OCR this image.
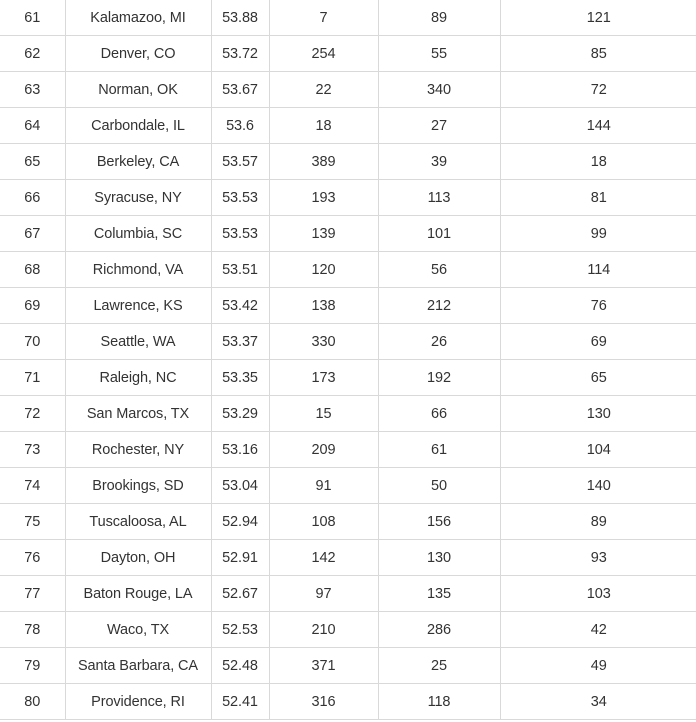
61	Kalamazoo, MI	53.88	7	89	121
62	Denver, CO	53.72	254	55	85
63	Norman, OK	53.67	22	340	72
64	Carbondale, IL	53.6	18	27	144
65	Berkeley, CA	53.57	389	39	18
66	Syracuse, NY	53.53	193	113	81
67	Columbia, SC	53.53	139	101	99
68	Richmond, VA	53.51	120	56	114
69	Lawrence, KS	53.42	138	212	76
70	Seattle, WA	53.37	330	26	69
71	Raleigh, NC	53.35	173	192	65
72	San Marcos, TX	53.29	15	66	130
73	Rochester, NY	53.16	209	61	104
74	Brookings, SD	53.04	91	50	140
75	Tuscaloosa, AL	52.94	108	156	89
76	Dayton, OH	52.91	142	130	93
77	Baton Rouge, LA	52.67	97	135	103
78	Waco, TX	52.53	210	286	42
79	Santa Barbara, CA	52.48	371	25	49
80	Providence, RI	52.41	316	118	34
